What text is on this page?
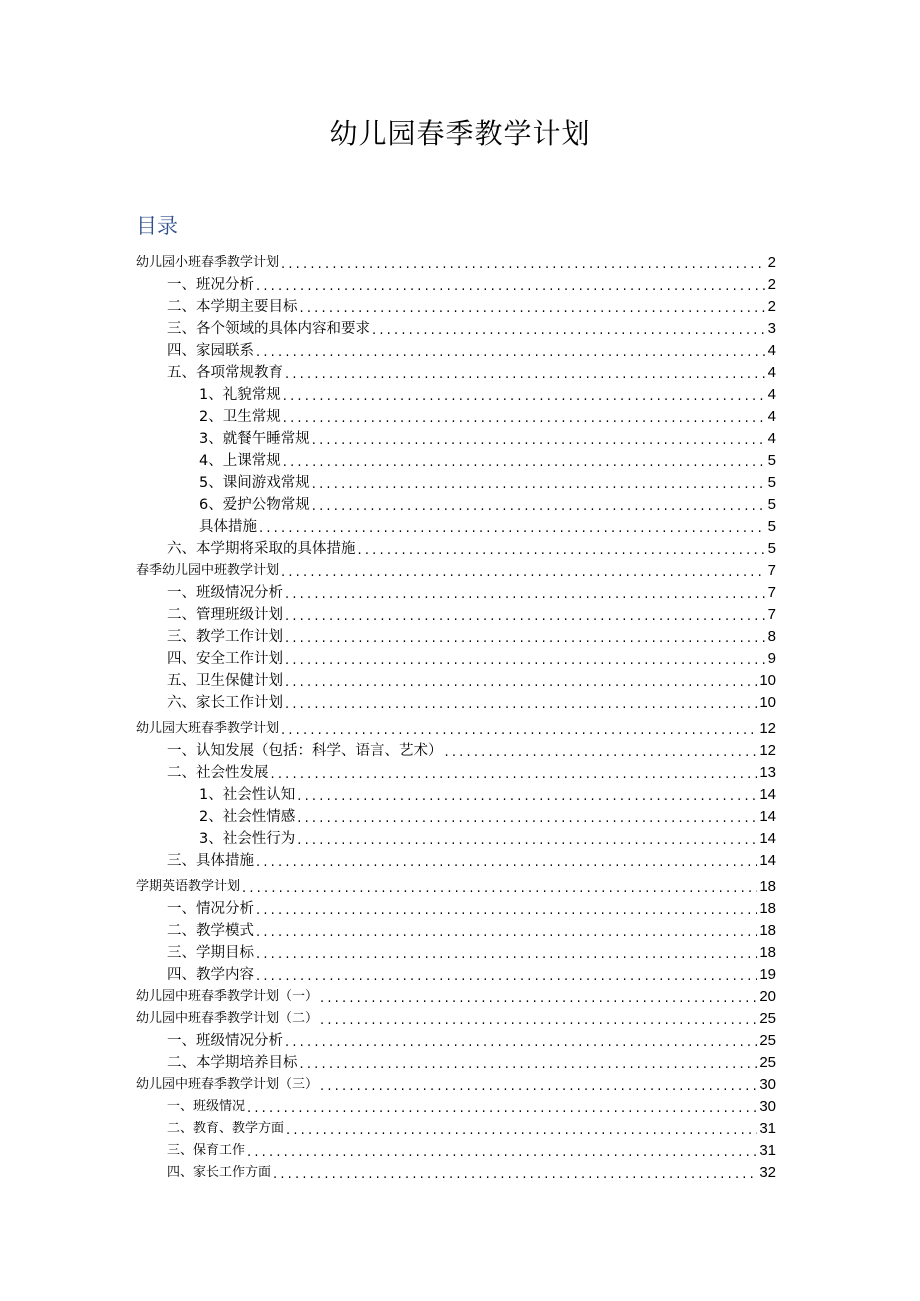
幼儿园春季教学计划
目录
幼儿园小班春季教学计划 .....	2
一、班况分析 .....	2
二、本学期主要目标 .....	2
三、各个领域的具体内容和要求 .....	3
四、家园联系 .....	4
五、各项常规教育 .....	4
1、礼貌常规 .....	4
2、卫生常规 .....	4
3、就餐午睡常规 .....	4
4、上课常规 .....	5
5、课间游戏常规 .....	5
6、爱护公物常规 .....	5
具体措施 .....	5
六、本学期将采取的具体措施 .....	5
春季幼儿园中班教学计划 .....	7
一、班级情况分析 .....	7
二、管理班级计划 .....	7
三、教学工作计划 .....	8
四、安全工作计划 .....	9
五、卫生保健计划 .....	10
六、家长工作计划 .....	10
幼儿园大班春季教学计划 .....	12
一、认知发展（包括：科学、语言、艺术） .....	12
二、社会性发展 .....	13
1、社会性认知 .....	14
2、社会性情感 .....	14
3、社会性行为 .....	14
三、具体措施 .....	14
学期英语教学计划 .....	18
一、情况分析 .....	18
二、教学模式 .....	18
三、学期目标 .....	18
四、教学内容 .....	19
幼儿园中班春季教学计划（一） .....	20
幼儿园中班春季教学计划（二） .....	25
一、班级情况分析 .....	25
二、本学期培养目标 .....	25
幼儿园中班春季教学计划（三） .....	30
一、班级情况 .....	30
二、教育、教学方面 .....	31
三、保育工作 .....	31
四、家长工作方面 .....	32
